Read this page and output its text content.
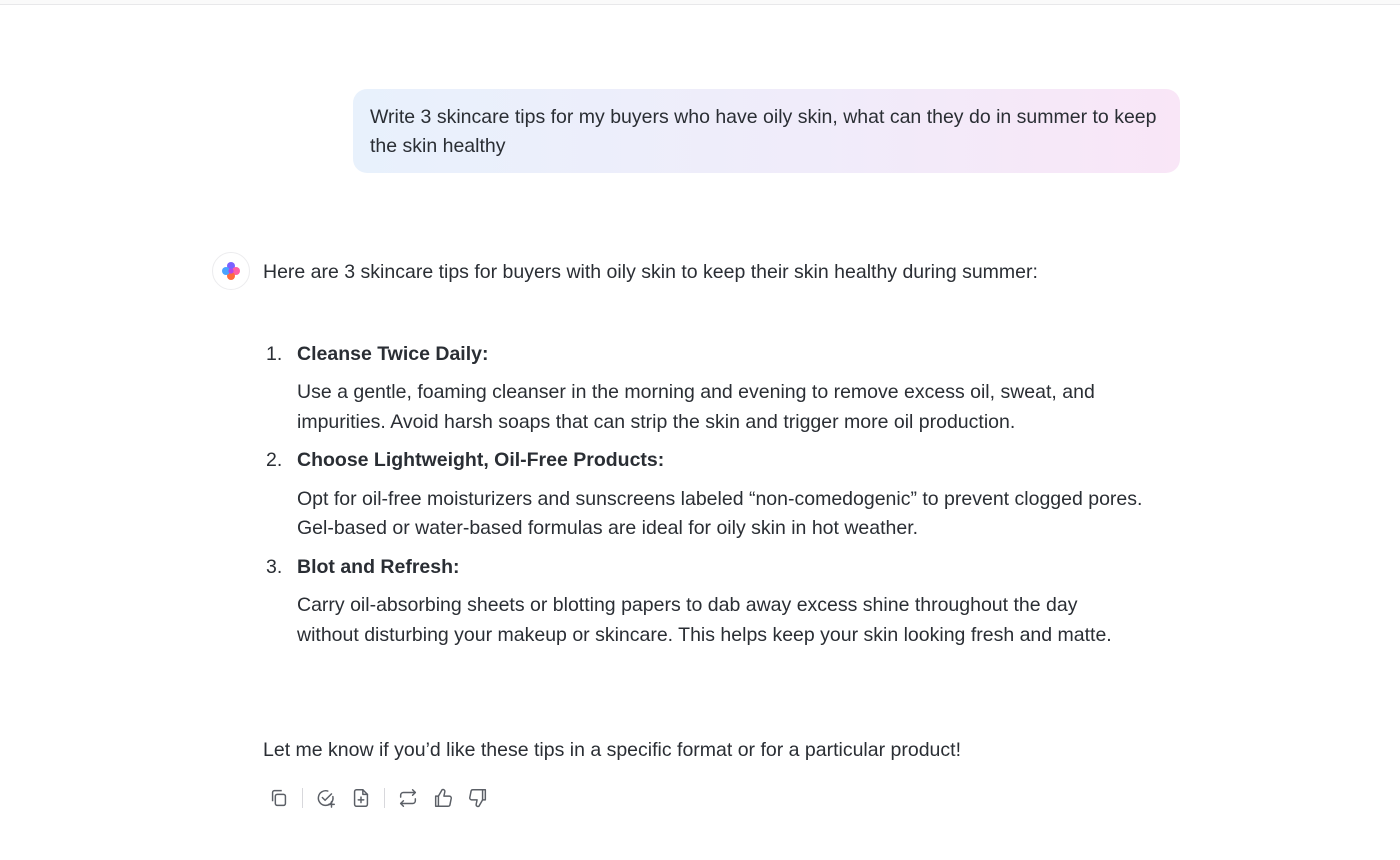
Write 3 skincare tips for my buyers who have oily skin, what can they do in summer to keep the skin healthy

Here are 3 skincare tips for buyers with oily skin to keep their skin healthy during summer:

1. Cleanse Twice Daily:
Use a gentle, foaming cleanser in the morning and evening to remove excess oil, sweat, and impurities. Avoid harsh soaps that can strip the skin and trigger more oil production.
2. Choose Lightweight, Oil-Free Products:
Opt for oil-free moisturizers and sunscreens labeled “non-comedogenic” to prevent clogged pores. Gel-based or water-based formulas are ideal for oily skin in hot weather.
3. Blot and Refresh:
Carry oil-absorbing sheets or blotting papers to dab away excess shine throughout the day without disturbing your makeup or skincare. This helps keep your skin looking fresh and matte.

Let me know if you’d like these tips in a specific format or for a particular product!
